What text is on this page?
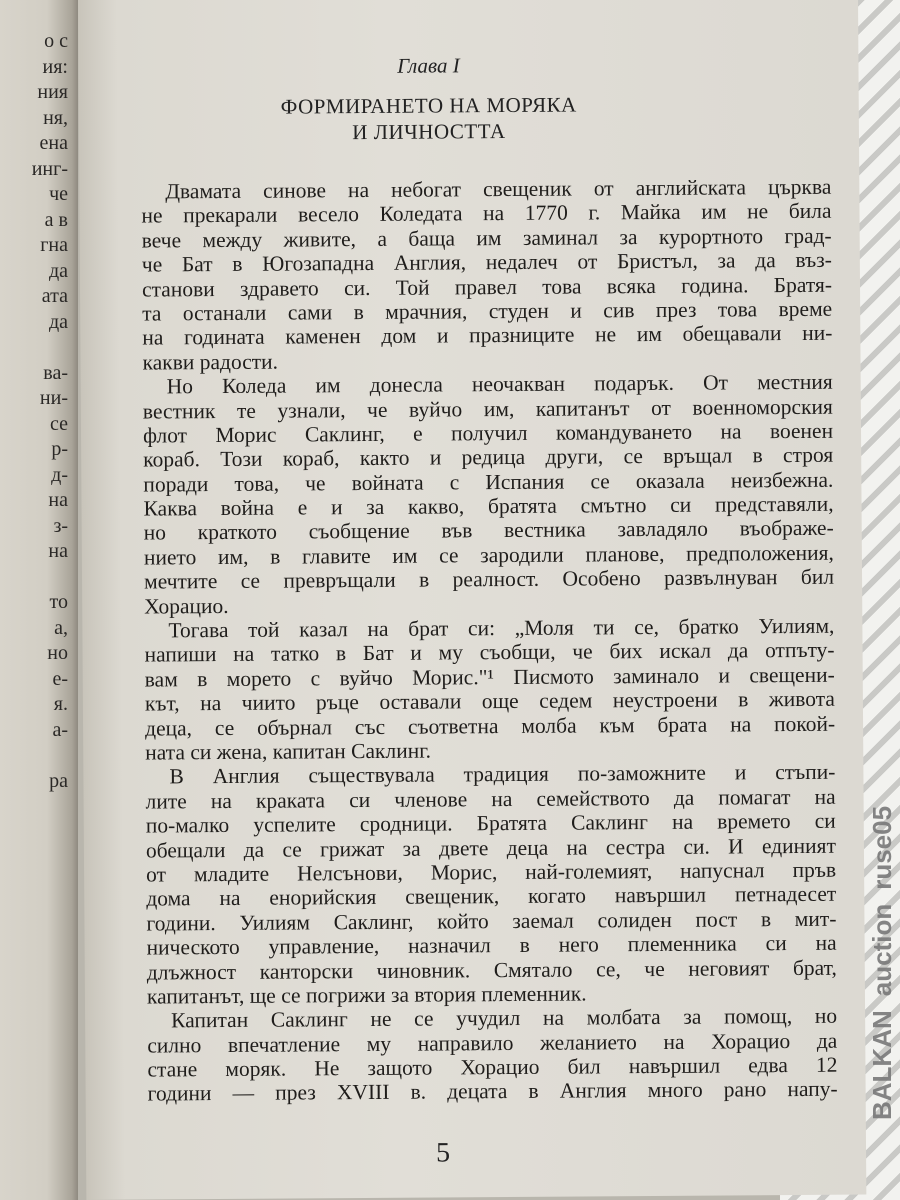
о с
ия:
ния
ня,
ена
инг-
че
а в
гна
да
ата
да
ва-
ни-
се
р-
д-
на
з-
на
то
а,
но
е-
я.
а-
ра
Глава I
ФОРМИРАНЕТО НА МОРЯКА
И ЛИЧНОСТТА
Двамата синове на небогат свещеник от английската църква
не прекарали весело Коледата на 1770 г. Майка им не била
вече между живите, а баща им заминал за курортното град-
че Бат в Югозападна Англия, недалеч от Бристъл, за да въз-
станови здравето си. Той правел това всяка година. Братя-
та останали сами в мрачния, студен и сив през това време
на годината каменен дом и празниците не им обещавали ни-
какви радости.
Но Коледа им донесла неочакван подарък. От местния
вестник те узнали, че вуйчо им, капитанът от военноморския
флот Морис Саклинг, е получил командуването на военен
кораб. Този кораб, както и редица други, се връщал в строя
поради това, че войната с Испания се оказала неизбежна.
Каква война е и за какво, братята смътно си представяли,
но краткото съобщение във вестника завладяло въображе-
нието им, в главите им се зародили планове, предположения,
мечтите се превръщали в реалност. Особено развълнуван бил
Хорацио.
Тогава той казал на брат си: „Моля ти се, братко Уилиям,
напиши на татко в Бат и му съобщи, че бих искал да отпъту-
вам в морето с вуйчо Морис."¹ Писмото заминало и свещени-
кът, на чиито ръце оставали още седем неустроени в живота
деца, се обърнал със съответна молба към брата на покой-
ната си жена, капитан Саклинг.
В Англия съществувала традиция по-заможните и стъпи-
лите на краката си членове на семейството да помагат на
по-малко успелите сродници. Братята Саклинг на времето си
обещали да се грижат за двете деца на сестра си. И единият
от младите Нелсънови, Морис, най-големият, напуснал пръв
дома на енорийския свещеник, когато навършил петнадесет
години. Уилиям Саклинг, който заемал солиден пост в мит-
ническото управление, назначил в него племенника си на
длъжност канторски чиновник. Смятало се, че неговият брат,
капитанът, ще се погрижи за втория племенник.
Капитан Саклинг не се учудил на молбата за помощ, но
силно впечатление му направило желанието на Хорацио да
стане моряк. Не защото Хорацио бил навършил едва 12
години — през XVIII в. децата в Англия много рано напу-
5
BALKAN
auction
ruse05
